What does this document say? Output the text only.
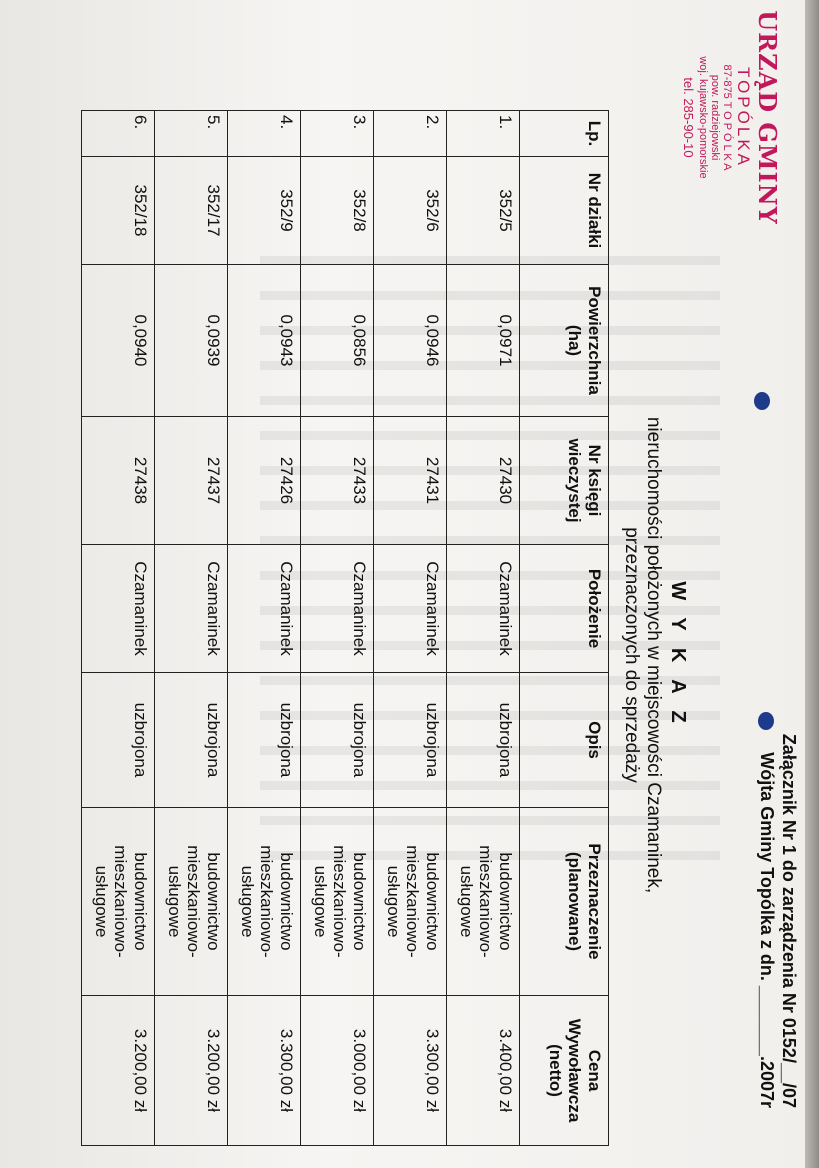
URZĄD GMINY
TOPÓLKA
87-875 T O P Ó L K A
pow. radziejowski
woj. kujawsko-pomorskie
tel. 285-90-10
Załącznik Nr 1 do zarządzenia Nr 0152/__/07
Wójta Gminy Topólka z dn. _______.2007r
W Y K A Z
nieruchomości położonych w miejscowości Czamaninek,
przeznaczonych do sprzedaży
Lp.	Nr działki	Powierzchnia (ha)	Nr księgi wieczystej	Położenie	Opis	Przeznaczenie (planowane)	Cena Wywoławcza (netto)
1.	352/5	0,0971	27430	Czamaninek	uzbrojona	budownictwo mieszkaniowo-usługowe	3.400,00 zł
2.	352/6	0,0946	27431	Czamaninek	uzbrojona	budownictwo mieszkaniowo-usługowe	3.300,00 zł
3.	352/8	0,0856	27433	Czamaninek	uzbrojona	budownictwo mieszkaniowo-usługowe	3.000,00 zł
4.	352/9	0,0943	27426	Czamaninek	uzbrojona	budownictwo mieszkaniowo-usługowe	3.300,00 zł
5.	352/17	0,0939	27437	Czamaninek	uzbrojona	budownictwo mieszkaniowo-usługowe	3.200,00 zł
6.	352/18	0,0940	27438	Czamaninek	uzbrojona	budownictwo mieszkaniowo-usługowe	3.200,00 zł
